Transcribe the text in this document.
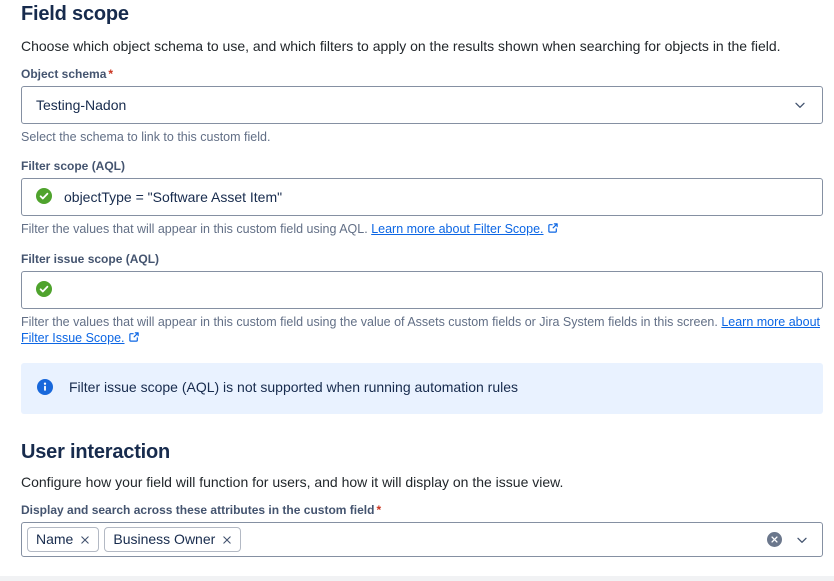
Field scope

Choose which object schema to use, and which filters to apply on the results shown when searching for objects in the field.

Object schema *
Testing-Nadon
Select the schema to link to this custom field.
Filter scope (AQL)
objectType = "Software Asset Item"
Filter the values that will appear in this custom field using AQL. Learn more about Filter Scope.
Filter issue scope (AQL)
Filter the values that will appear in this custom field using the value of Assets custom fields or Jira System fields in this screen. Learn more about Filter Issue Scope.
Filter issue scope (AQL) is not supported when running automation rules
User interaction

Configure how your field will function for users, and how it will display on the issue view.

Display and search across these attributes in the custom field *
Name	Business Owner
